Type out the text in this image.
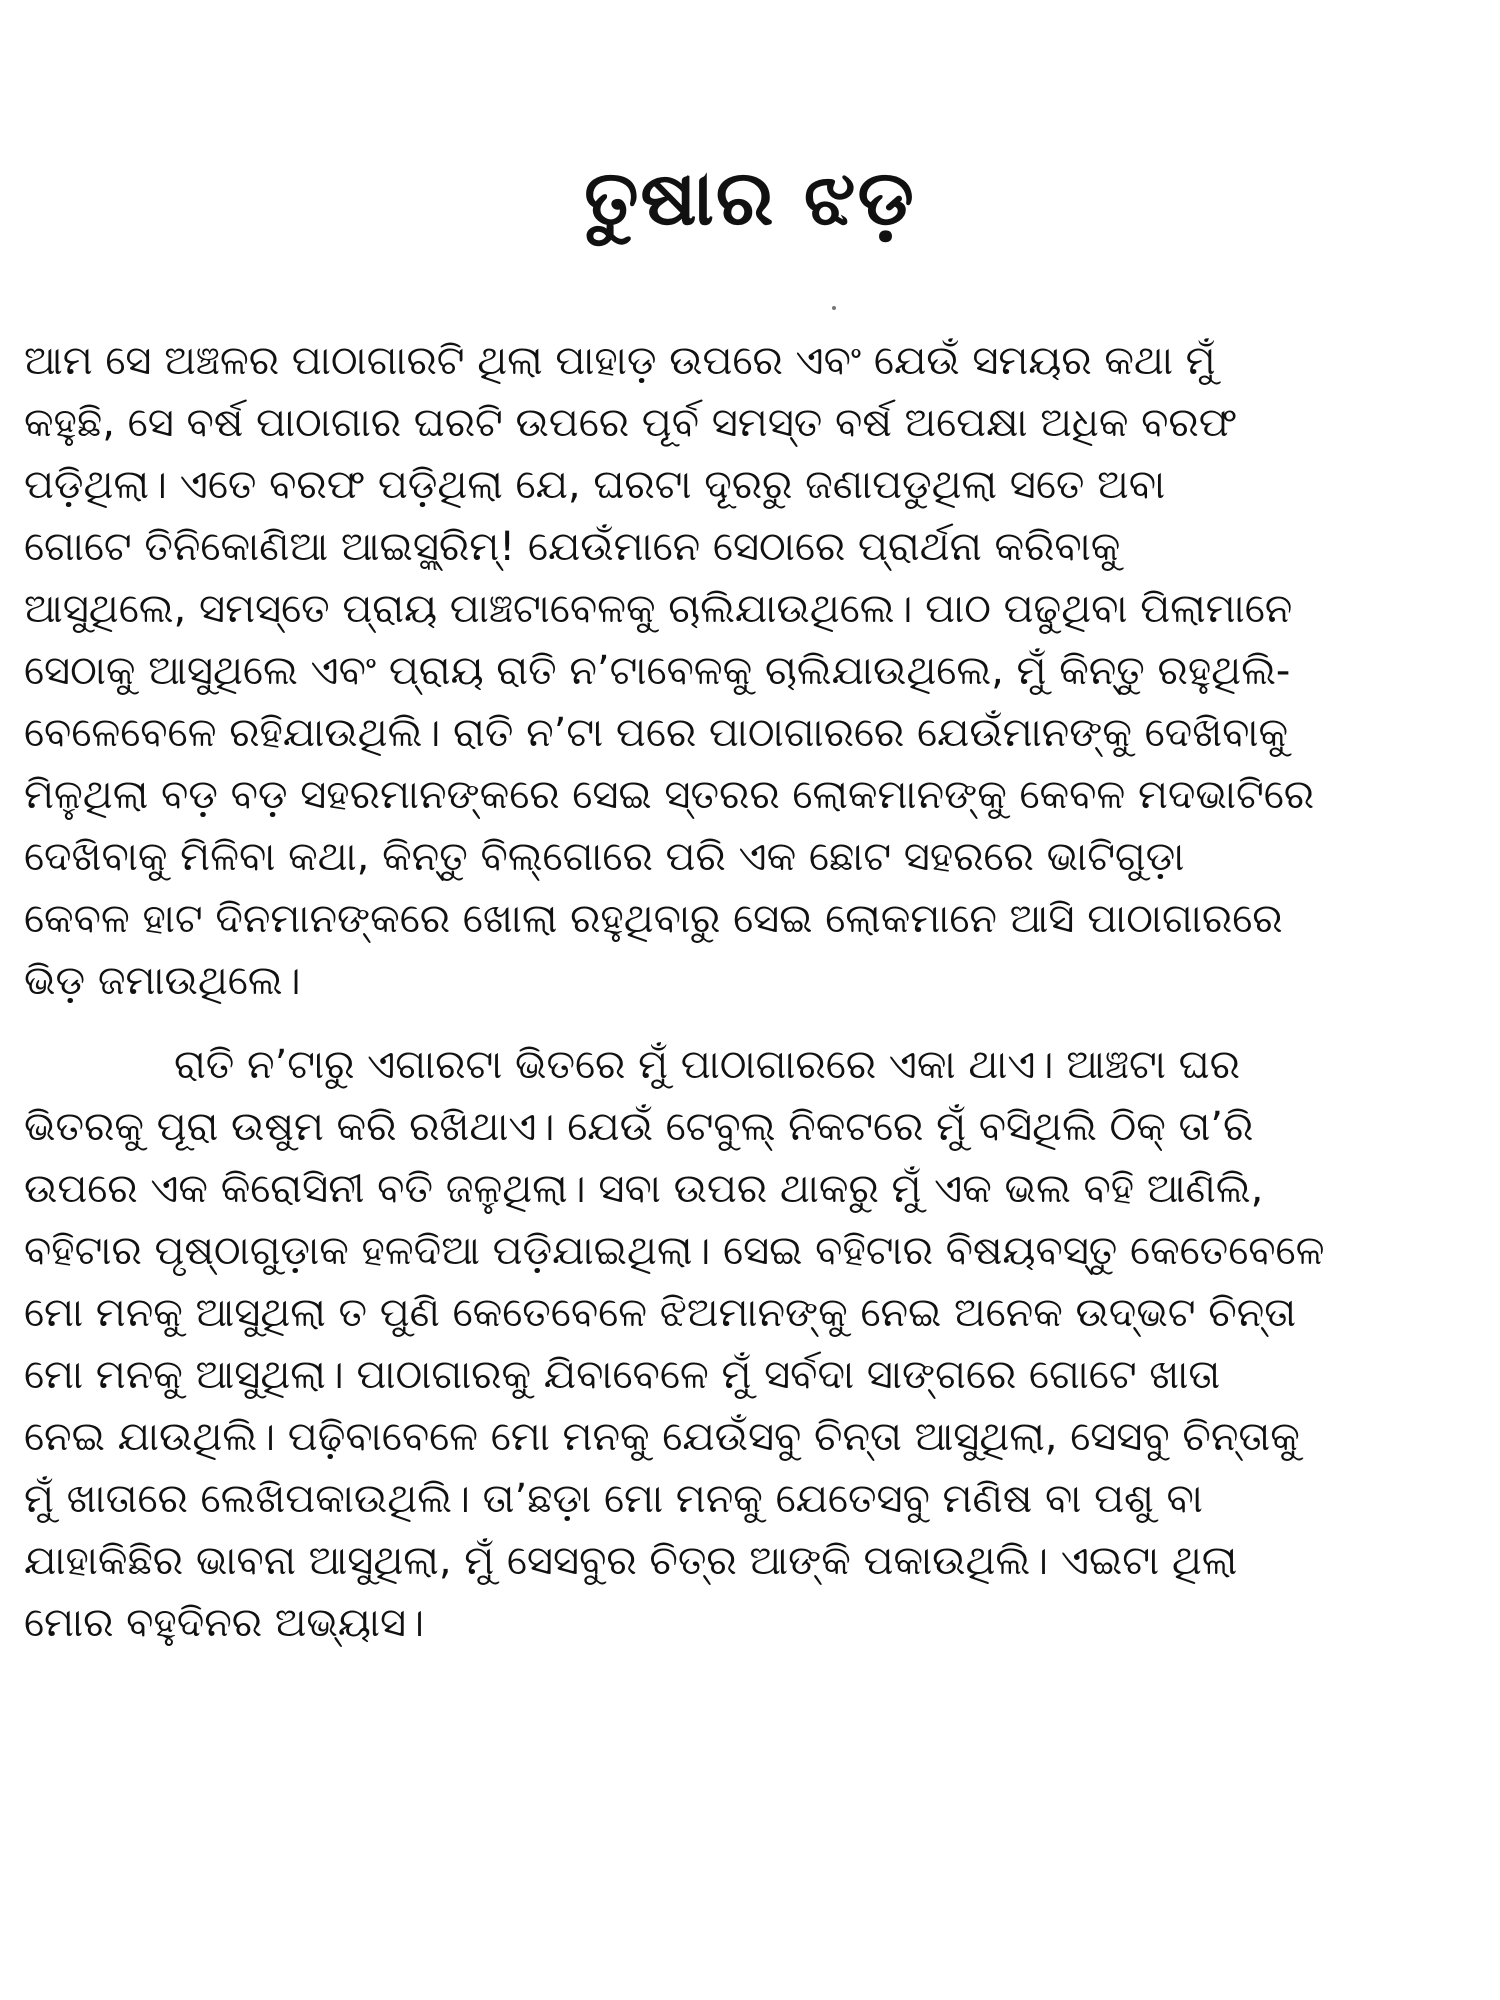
ତୁଷାର ଝଡ଼
ଆମ ସେ ଅଞ୍ଚଳର ପାଠାଗାରଟି ଥିଲା ପାହାଡ଼ ଉପରେ ଏବଂ ଯେଉଁ ସମୟର କଥା ମୁଁ
କହୁଛି, ସେ ବର୍ଷ ପାଠାଗାର ଘରଟି ଉପରେ ପୂର୍ବ ସମସ୍ତ ବର୍ଷ ଅପେକ୍ଷା ଅଧିକ ବରଫ
ପଡ଼ିଥିଲା। ଏତେ ବରଫ ପଡ଼ିଥିଲା ଯେ, ଘରଟା ଦୂରରୁ ଜଣାପଡୁଥିଲା ସତେ ଅବା
ଗୋଟେ ତିନିକୋଣିଆ ଆଇସ୍କ୍ରିମ୍! ଯେଉଁମାନେ ସେଠାରେ ପ୍ରାର୍ଥନା କରିବାକୁ
ଆସୁଥିଲେ, ସମସ୍ତେ ପ୍ରାୟ ପାଞ୍ଚଟାବେଳକୁ ଚାଲିଯାଉଥିଲେ। ପାଠ ପଢୁଥିବା ପିଲାମାନେ
ସେଠାକୁ ଆସୁଥିଲେ ଏବଂ ପ୍ରାୟ ରାତି ନ’ଟାବେଳକୁ ଚାଲିଯାଉଥିଲେ, ମୁଁ କିନ୍ତୁ ରହୁଥିଲି-
ବେଳେବେଳେ ରହିଯାଉଥିଲି। ରାତି ନ’ଟା ପରେ ପାଠାଗାରରେ ଯେଉଁମାନଙ୍କୁ ଦେଖିବାକୁ
ମିଳୁଥିଲା ବଡ଼ ବଡ଼ ସହରମାନଙ୍କରେ ସେଇ ସ୍ତରର ଲୋକମାନଙ୍କୁ କେବଳ ମଦଭାଟିରେ
ଦେଖିବାକୁ ମିଳିବା କଥା, କିନ୍ତୁ ବିଲ୍‌ଗୋରେ ପରି ଏକ ଛୋଟ ସହରରେ ଭାଟିଗୁଡ଼ା
କେବଳ ହାଟ ଦିନମାନଙ୍କରେ ଖୋଲା ରହୁଥିବାରୁ ସେଇ ଲୋକମାନେ ଆସି ପାଠାଗାରରେ
ଭିଡ଼ ଜମାଉଥିଲେ।
ରାତି ନ’ଟାରୁ ଏଗାରଟା ଭିତରେ ମୁଁ ପାଠାଗାରରେ ଏକା ଥାଏ। ଆଞ୍ଚଟା ଘର
ଭିତରକୁ ପୂରା ଉଷୁମ କରି ରଖିଥାଏ। ଯେଉଁ ଟେବୁଲ୍ ନିକଟରେ ମୁଁ ବସିଥିଲି ଠିକ୍ ତା’ରି
ଉପରେ ଏକ କିରୋସିନୀ ବତି ଜଳୁଥିଲା। ସବା ଉପର ଥାକରୁ ମୁଁ ଏକ ଭଲ ବହି ଆଣିଲି,
ବହିଟାର ପୃଷ୍ଠାଗୁଡ଼ାକ ହଳଦିଆ ପଡ଼ିଯାଇଥିଲା। ସେଇ ବହିଟାର ବିଷୟବସ୍ତୁ କେତେବେଳେ
ମୋ ମନକୁ ଆସୁଥିଲା ତ ପୁଣି କେତେବେଳେ ଝିଅମାନଙ୍କୁ ନେଇ ଅନେକ ଉଦ୍ଭଟ ଚିନ୍ତା
ମୋ ମନକୁ ଆସୁଥିଲା। ପାଠାଗାରକୁ ଯିବାବେଳେ ମୁଁ ସର୍ବଦା ସାଙ୍ଗରେ ଗୋଟେ ଖାତା
ନେଇ ଯାଉଥିଲି। ପଢ଼ିବାବେଳେ ମୋ ମନକୁ ଯେଉଁସବୁ ଚିନ୍ତା ଆସୁଥିଲା, ସେସବୁ ଚିନ୍ତାକୁ
ମୁଁ ଖାତାରେ ଲେଖିପକାଉଥିଲି। ତା’ଛଡ଼ା ମୋ ମନକୁ ଯେତେସବୁ ମଣିଷ ବା ପଶୁ ବା
ଯାହାକିଛିର ଭାବନା ଆସୁଥିଲା, ମୁଁ ସେସବୁର ଚିତ୍ର ଆଙ୍କି ପକାଉଥିଲି। ଏଇଟା ଥିଲା
ମୋର ବହୁଦିନର ଅଭ୍ୟାସ।
